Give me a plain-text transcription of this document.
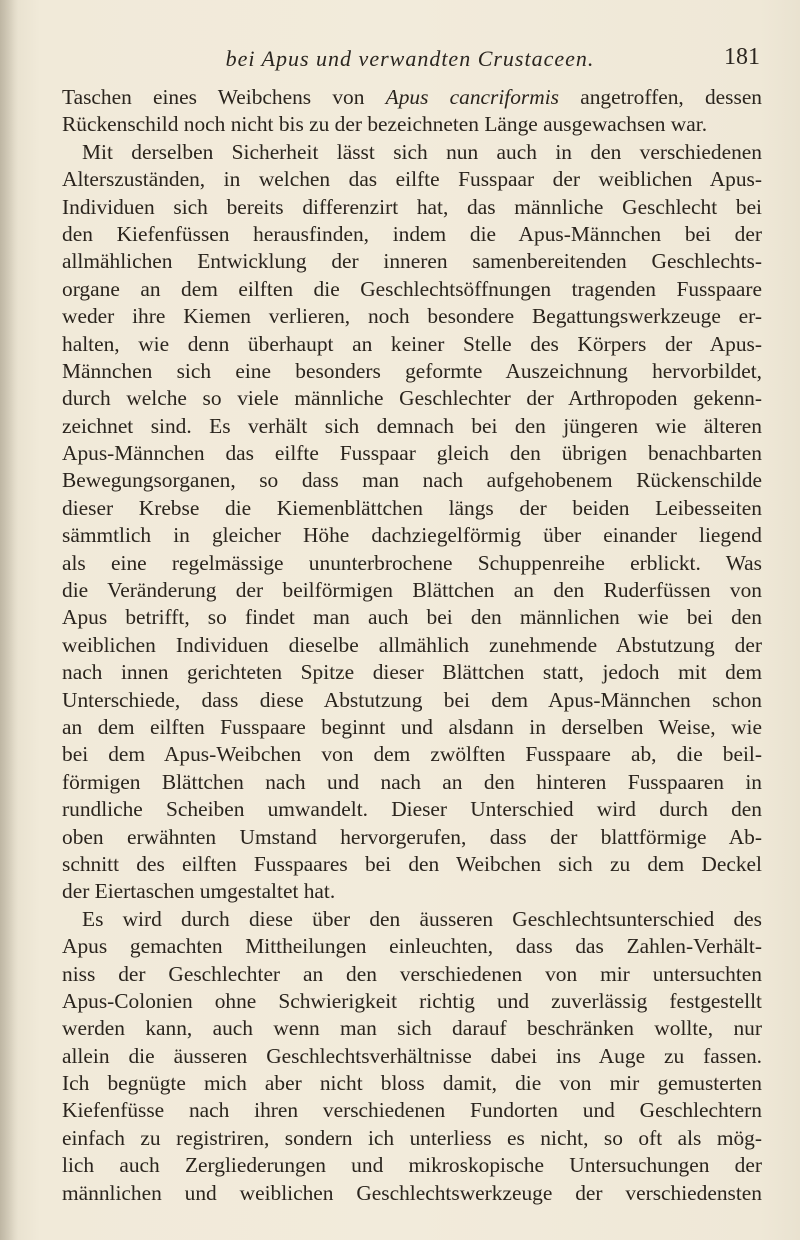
bei Apus und verwandten Crustaceen.	181
Taschen eines Weibchens von Apus cancriformis angetroffen, dessen
Rückenschild noch nicht bis zu der bezeichneten Länge ausgewachsen war.
Mit derselben Sicherheit lässt sich nun auch in den verschiedenen
Alterszuständen, in welchen das eilfte Fusspaar der weiblichen Apus-
Individuen sich bereits differenzirt hat, das männliche Geschlecht bei
den Kiefenfüssen herausfinden, indem die Apus-Männchen bei der
allmählichen Entwicklung der inneren samenbereitenden Geschlechts-
organe an dem eilften die Geschlechtsöffnungen tragenden Fusspaare
weder ihre Kiemen verlieren, noch besondere Begattungswerkzeuge er-
halten, wie denn überhaupt an keiner Stelle des Körpers der Apus-
Männchen sich eine besonders geformte Auszeichnung hervorbildet,
durch welche so viele männliche Geschlechter der Arthropoden gekenn-
zeichnet sind. Es verhält sich demnach bei den jüngeren wie älteren
Apus-Männchen das eilfte Fusspaar gleich den übrigen benachbarten
Bewegungsorganen, so dass man nach aufgehobenem Rückenschilde
dieser Krebse die Kiemenblättchen längs der beiden Leibesseiten
sämmtlich in gleicher Höhe dachziegelförmig über einander liegend
als eine regelmässige ununterbrochene Schuppenreihe erblickt. Was
die Veränderung der beilförmigen Blättchen an den Ruderfüssen von
Apus betrifft, so findet man auch bei den männlichen wie bei den
weiblichen Individuen dieselbe allmählich zunehmende Abstutzung der
nach innen gerichteten Spitze dieser Blättchen statt, jedoch mit dem
Unterschiede, dass diese Abstutzung bei dem Apus-Männchen schon
an dem eilften Fusspaare beginnt und alsdann in derselben Weise, wie
bei dem Apus-Weibchen von dem zwölften Fusspaare ab, die beil-
förmigen Blättchen nach und nach an den hinteren Fusspaaren in
rundliche Scheiben umwandelt. Dieser Unterschied wird durch den
oben erwähnten Umstand hervorgerufen, dass der blattförmige Ab-
schnitt des eilften Fusspaares bei den Weibchen sich zu dem Deckel
der Eiertaschen umgestaltet hat.
Es wird durch diese über den äusseren Geschlechtsunterschied des
Apus gemachten Mittheilungen einleuchten, dass das Zahlen-Verhält-
niss der Geschlechter an den verschiedenen von mir untersuchten
Apus-Colonien ohne Schwierigkeit richtig und zuverlässig festgestellt
werden kann, auch wenn man sich darauf beschränken wollte, nur
allein die äusseren Geschlechtsverhältnisse dabei ins Auge zu fassen.
Ich begnügte mich aber nicht bloss damit, die von mir gemusterten
Kiefenfüsse nach ihren verschiedenen Fundorten und Geschlechtern
einfach zu registriren, sondern ich unterliess es nicht, so oft als mög-
lich auch Zergliederungen und mikroskopische Untersuchungen der
männlichen und weiblichen Geschlechtswerkzeuge der verschiedensten
